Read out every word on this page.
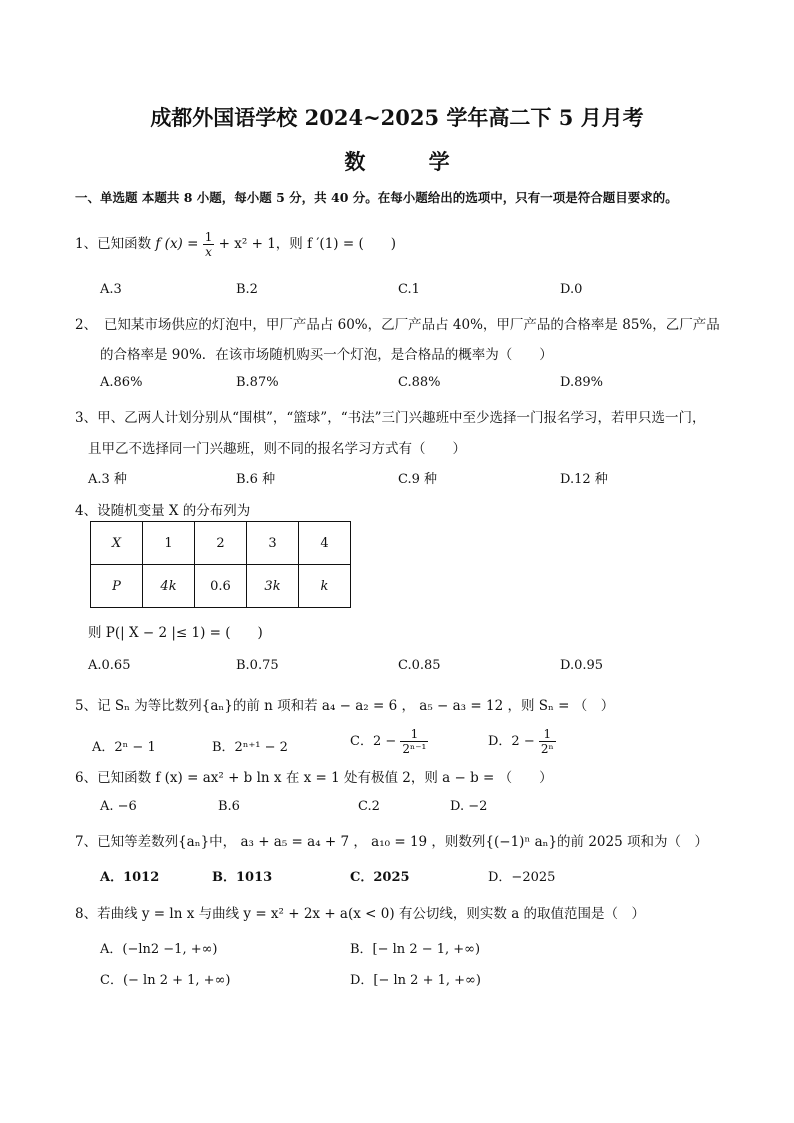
成都外国语学校 2024~2025 学年高二下 5 月月考
数 学
一、单选题 本题共 8 小题，每小题 5 分，共 40 分。在每小题给出的选项中，只有一项是符合题目要求的。
1、已知函数 f $(x) = \frac{1}{x} + x^2 + 1$，则 f ′(1) = (　　)
A.3	B.2	C.1	D.0
2、　已知某市场供应的灯泡中，甲厂产品占 60%，乙厂产品占 40%，甲厂产品的合格率是 85%，乙厂产品
的合格率是 90%．在该市场随机购买一个灯泡，是合格品的概率为（　　）
A.86%	B.87%	C.88%	D.89%
3、甲、乙两人计划分别从“围棋”，“篮球”，“书法”三门兴趣班中至少选择一门报名学习，若甲只选一门，
且甲乙不选择同一门兴趣班，则不同的报名学习方式有（　　）
A.3 种	B.6 种	C.9 种	D.12 种
4、设随机变量 X 的分布列为
X	1	2	3	4
P	4k	0.6	3k	k
则 P(| X − 2 |≤ 1) = (　　)
A.0.65	B.0.75	C.0.85	D.0.95
5、记 Sₙ 为等比数列{aₙ}的前 n 项和若 a₄ − a₂ = 6 ， a₅ − a₃ = 12 ，则 Sₙ = （　）
A．2ⁿ − 1	B．2ⁿ⁺¹ − 2	C．$2 - \frac{1}{\text{2ⁿ⁻¹}}$	D．$2 - \frac{1}{\text{2ⁿ}}$
6、已知函数 f (x) = ax² + b ln x 在 x = 1 处有极值 2，则 a − b = （　　）
A. −6	B.6	C.2	D. −2
7、已知等差数列{aₙ}中， a₃ + a₅ = a₄ + 7 ， a₁₀ = 19 ，则数列{(−1)ⁿ aₙ}的前 2025 项和为（　）
A．1012	B．1013	C．2025	D．−2025
8、若曲线 y = ln x 与曲线 y = x² + 2x + a(x < 0) 有公切线，则实数 a 的取值范围是（　）
A．(−ln2 −1, +∞)	B．[− ln 2 − 1, +∞)
C．(− ln 2 + 1, +∞)	D．[− ln 2 + 1, +∞)
